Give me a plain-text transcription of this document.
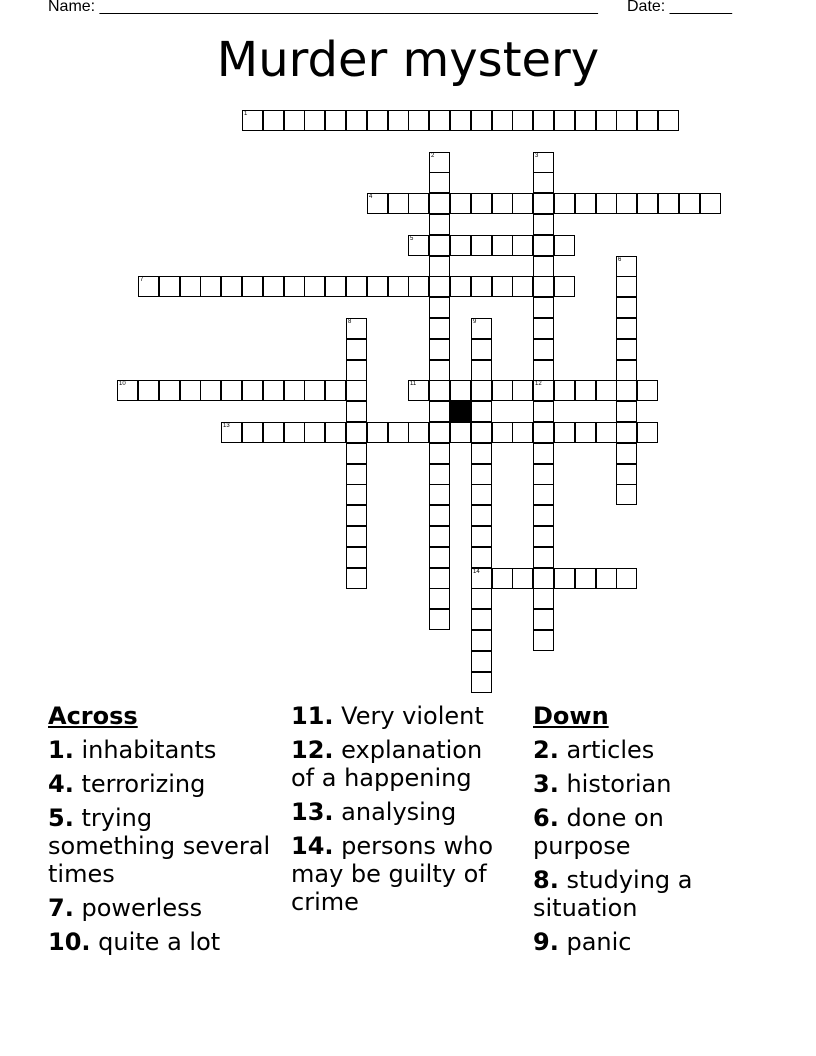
Name: ________________________________________________________ Date: _______
Murder mystery
1
4
5
7
10	11	12
13
14
2	3
6
8	9
Across
1. inhabitants
4. terrorizing
5. trying something several times
7. powerless
10. quite a lot
11. Very violent
12. explanation of a happening
13. analysing
14. persons who may be guilty of crime
Down
2. articles
3. historian
6. done on purpose
8. studying a situation
9. panic
